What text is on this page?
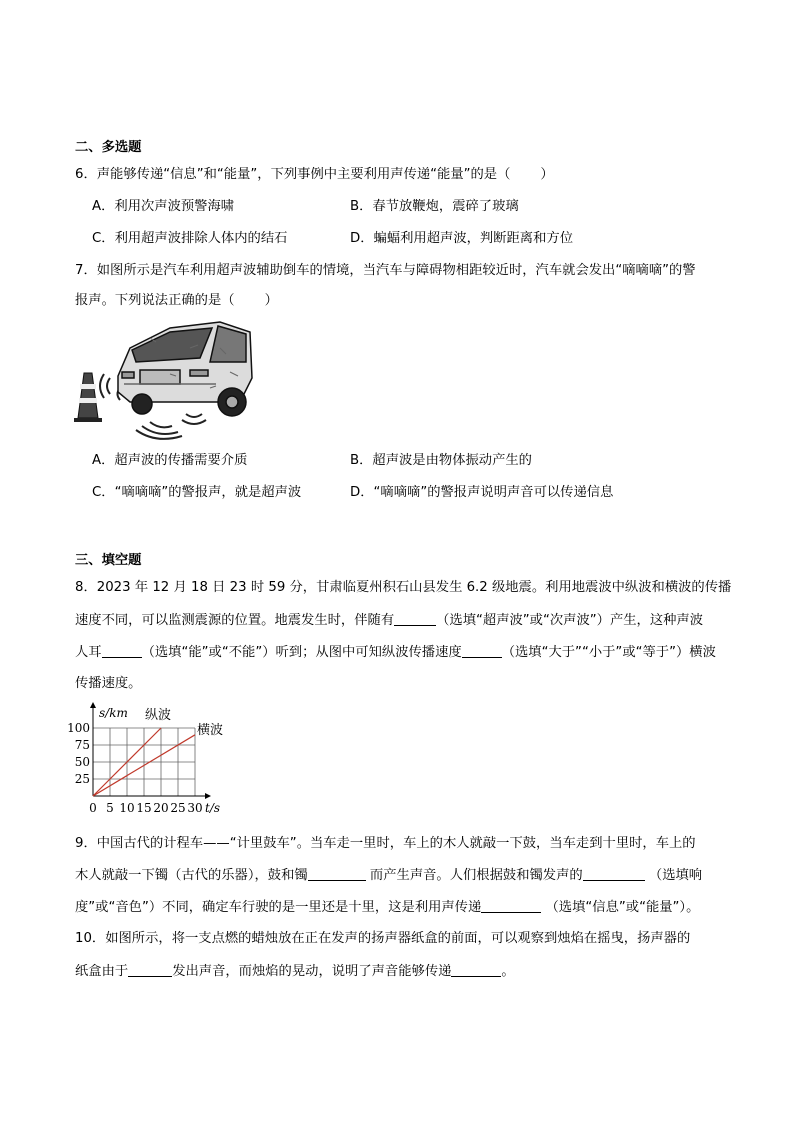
二、多选题
6．声能够传递“信息”和“能量”，下列事例中主要利用声传递“能量”的是（ ）
A．利用次声波预警海啸	B．春节放鞭炮，震碎了玻璃
C．利用超声波排除人体内的结石	D．蝙蝠利用超声波，判断距离和方位
7．如图所示是汽车利用超声波辅助倒车的情境，当汽车与障碍物相距较近时，汽车就会发出“嘀嘀嘀”的警
报声。下列说法正确的是（ ）
A．超声波的传播需要介质	B．超声波是由物体振动产生的
C．“嘀嘀嘀”的警报声，就是超声波	D．“嘀嘀嘀”的警报声说明声音可以传递信息
三、填空题
8．2023 年 12 月 18 日 23 时 59 分，甘肃临夏州积石山县发生 6.2 级地震。利用地震波中纵波和横波的传播
速度不同，可以监测震源的位置。地震发生时，伴随有	（选填“超声波”或“次声波”）产生，这种声波
人耳	（选填“能”或“不能”）听到；从图中可知纵波传播速度	（选填“大于”“小于”或“等于”）横波
传播速度。
0 5 10 15 20 25 30
25
50
75
100
s/km
t/s
纵波
横波
9．中国古代的计程车——“计里鼓车”。当车走一里时，车上的木人就敲一下鼓，当车走到十里时，车上的
木人就敲一下镯（古代的乐器），鼓和镯	而产生声音。人们根据鼓和镯发声的	（选填响
度”或“音色”）不同，确定车行驶的是一里还是十里，这是利用声传递	（选填“信息”或“能量”）。
10．如图所示，将一支点燃的蜡烛放在正在发声的扬声器纸盒的前面，可以观察到烛焰在摇曳，扬声器的
纸盒由于	发出声音，而烛焰的晃动，说明了声音能够传递	。
